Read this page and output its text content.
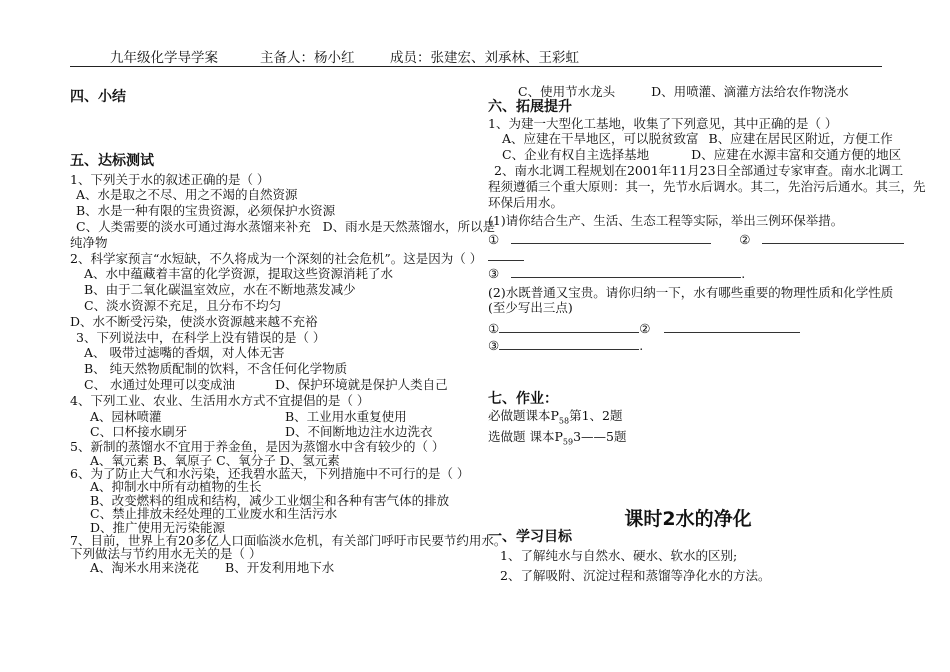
九年级化学导学案	主备人：杨小红	成员：张建宏、刘承林、王彩虹
四、小结
五、达标测试
1、下列关于水的叙述正确的是（ ）
A、水是取之不尽、用之不竭的自然资源
B、水是一种有限的宝贵资源，必须保护水资源
C、人类需要的淡水可通过海水蒸馏来补充 D、雨水是天然蒸馏水，所以是
纯净物
2、科学家预言“水短缺，不久将成为一个深刻的社会危机”。这是因为（ ）
A、水中蕴藏着丰富的化学资源，提取这些资源消耗了水
B、由于二氧化碳温室效应，水在不断地蒸发减少
C、淡水资源不充足，且分布不均匀
D、水不断受污染，使淡水资源越来越不充裕
3、下列说法中，在科学上没有错误的是（ ）
A、 吸带过滤嘴的香烟，对人体无害
B、 纯天然物质配制的饮料，不含任何化学物质
C、 水通过处理可以变成油	D、保护环境就是保护人类自己
4、下列工业、农业、生活用水方式不宜提倡的是（ ）
A、园林喷灌	B、工业用水重复使用
C、口杯接水刷牙	D、不间断地边注水边洗衣
5、新制的蒸馏水不宜用于养金鱼，是因为蒸馏水中含有较少的（ ）
A、氧元素 B、氧原子 C、氧分子 D、氢元素
6、为了防止大气和水污染，还我碧水蓝天，下列措施中不可行的是（ ）
A、抑制水中所有动植物的生长
B、改变燃料的组成和结构，减少工业烟尘和各种有害气体的排放
C、禁止排放未经处理的工业废水和生活污水
D、推广使用无污染能源
7、目前，世界上有20多亿人口面临淡水危机，有关部门呼吁市民要节约用水。
下列做法与节约用水无关的是（ ）
A、淘米水用来浇花 B、开发利用地下水
C、使用节水龙头	D、用喷灌、滴灌方法给农作物浇水
六、拓展提升
1、为建一大型化工基地，收集了下列意见，其中正确的是（ ）
A、应建在干旱地区，可以脱贫致富 B、应建在居民区附近，方便工作
C、企业有权自主选择基地	D、应建在水源丰富和交通方便的地区
2、南水北调工程规划在2001年11月23日全部通过专家审查。南水北调工
程须遵循三个重大原则：其一，先节水后调水。其二，先治污后通水。其三，先
环保后用水。
(1)请你结合生产、生活、生态工程等实际，举出三例环保举措。
①	②
③	.
(2)水既普通又宝贵。请你归纳一下，水有哪些重要的物理性质和化学性质
(至少写出三点)
①	②
③	.
七、作业：
必做题课本$P_{58}$第1、2题
选做题 课本$P_{59}3——5$题
课时2水的净化
一、学习目标
1、了解纯水与自然水、硬水、软水的区别;
2、了解吸附、沉淀过程和蒸馏等净化水的方法。
